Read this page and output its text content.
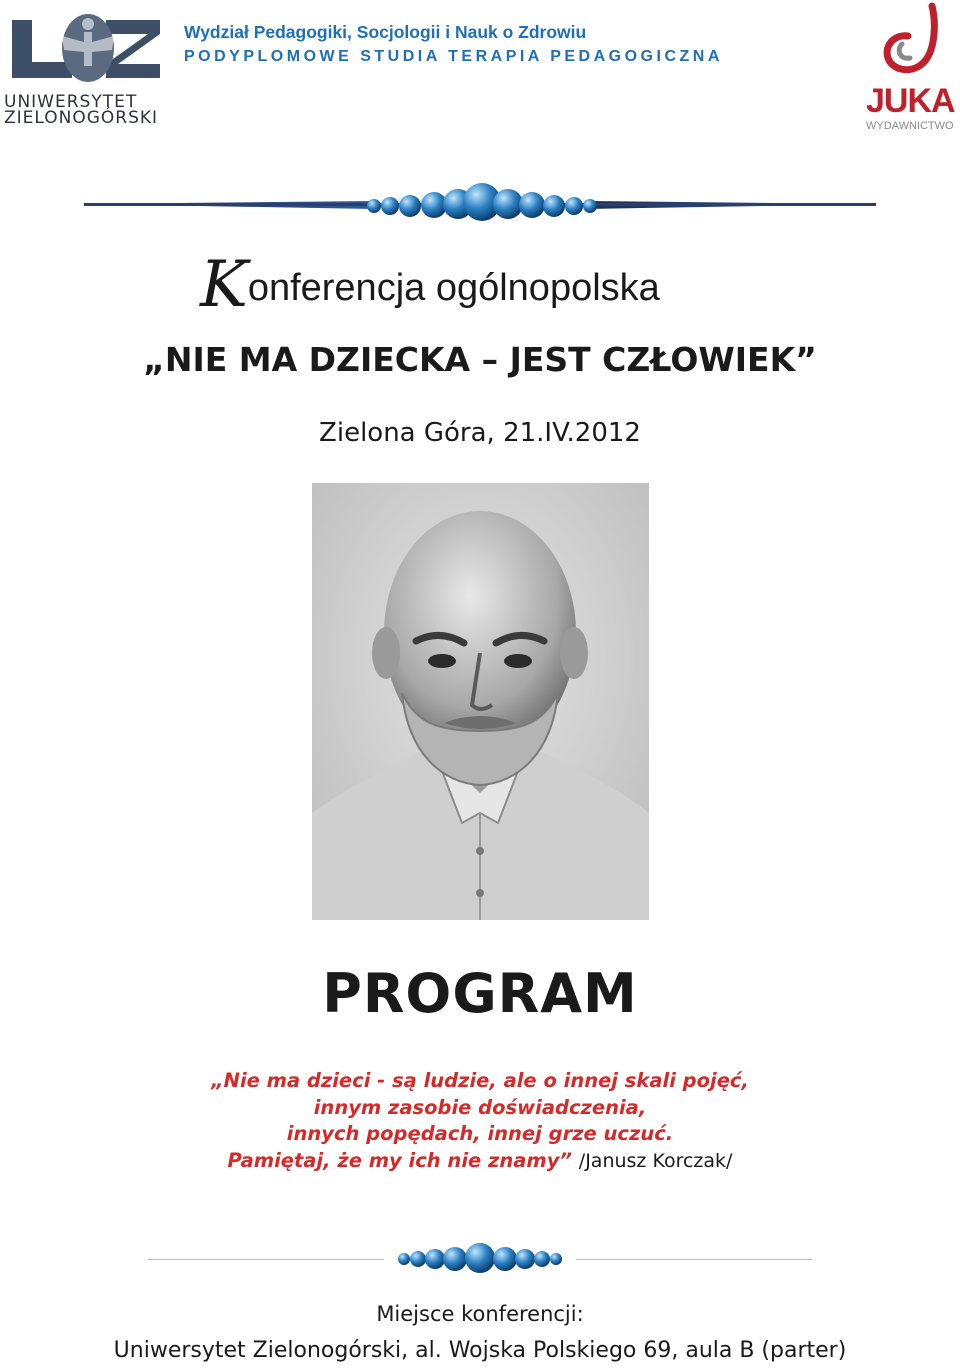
UNIWERSYTET
ZIELONOGÓRSKI
Wydział Pedagogiki, Socjologii i Nauk o Zdrowiu
PODYPLOMOWE STUDIA TERAPIA PEDAGOGICZNA
JUKA
WYDAWNICTWO
Konferencja ogólnopolska
„NIE MA DZIECKA – JEST CZŁOWIEK”
Zielona Góra, 21.IV.2012
PROGRAM
„Nie ma dzieci - są ludzie, ale o innej skali pojęć,
innym zasobie doświadczenia,
innych popędach, innej grze uczuć.
Pamiętaj, że my ich nie znamy” /Janusz Korczak/
Miejsce konferencji:
Uniwersytet Zielonogórski, al. Wojska Polskiego 69, aula B (parter)
